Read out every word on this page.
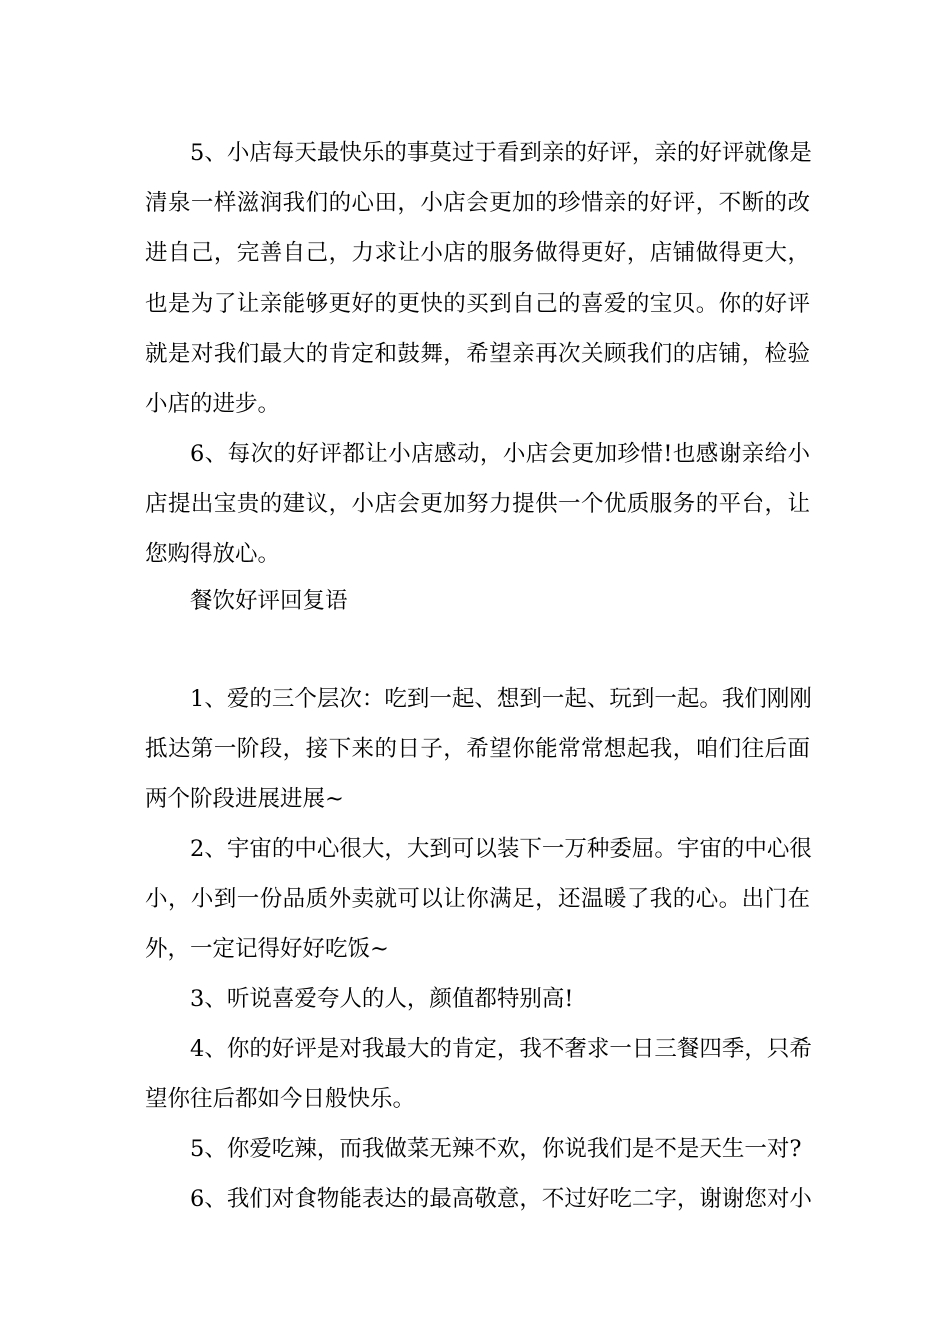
5、小店每天最快乐的事莫过于看到亲的好评，亲的好评就像是

清泉一样滋润我们的心田，小店会更加的珍惜亲的好评，不断的改

进自己，完善自己，力求让小店的服务做得更好，店铺做得更大，

也是为了让亲能够更好的更快的买到自己的喜爱的宝贝。你的好评

就是对我们最大的肯定和鼓舞，希望亲再次关顾我们的店铺，检验

小店的进步。

6、每次的好评都让小店感动，小店会更加珍惜!也感谢亲给小

店提出宝贵的建议，小店会更加努力提供一个优质服务的平台，让

您购得放心。

餐饮好评回复语

1、爱的三个层次：吃到一起、想到一起、玩到一起。我们刚刚

抵达第一阶段，接下来的日子，希望你能常常想起我，咱们往后面

两个阶段进展进展~

2、宇宙的中心很大，大到可以装下一万种委屈。宇宙的中心很

小，小到一份品质外卖就可以让你满足，还温暖了我的心。出门在

外，一定记得好好吃饭~

3、听说喜爱夸人的人，颜值都特别高!

4、你的好评是对我最大的肯定，我不奢求一日三餐四季，只希

望你往后都如今日般快乐。

5、你爱吃辣，而我做菜无辣不欢，你说我们是不是天生一对?

6、我们对食物能表达的最高敬意，不过好吃二字，谢谢您对小
